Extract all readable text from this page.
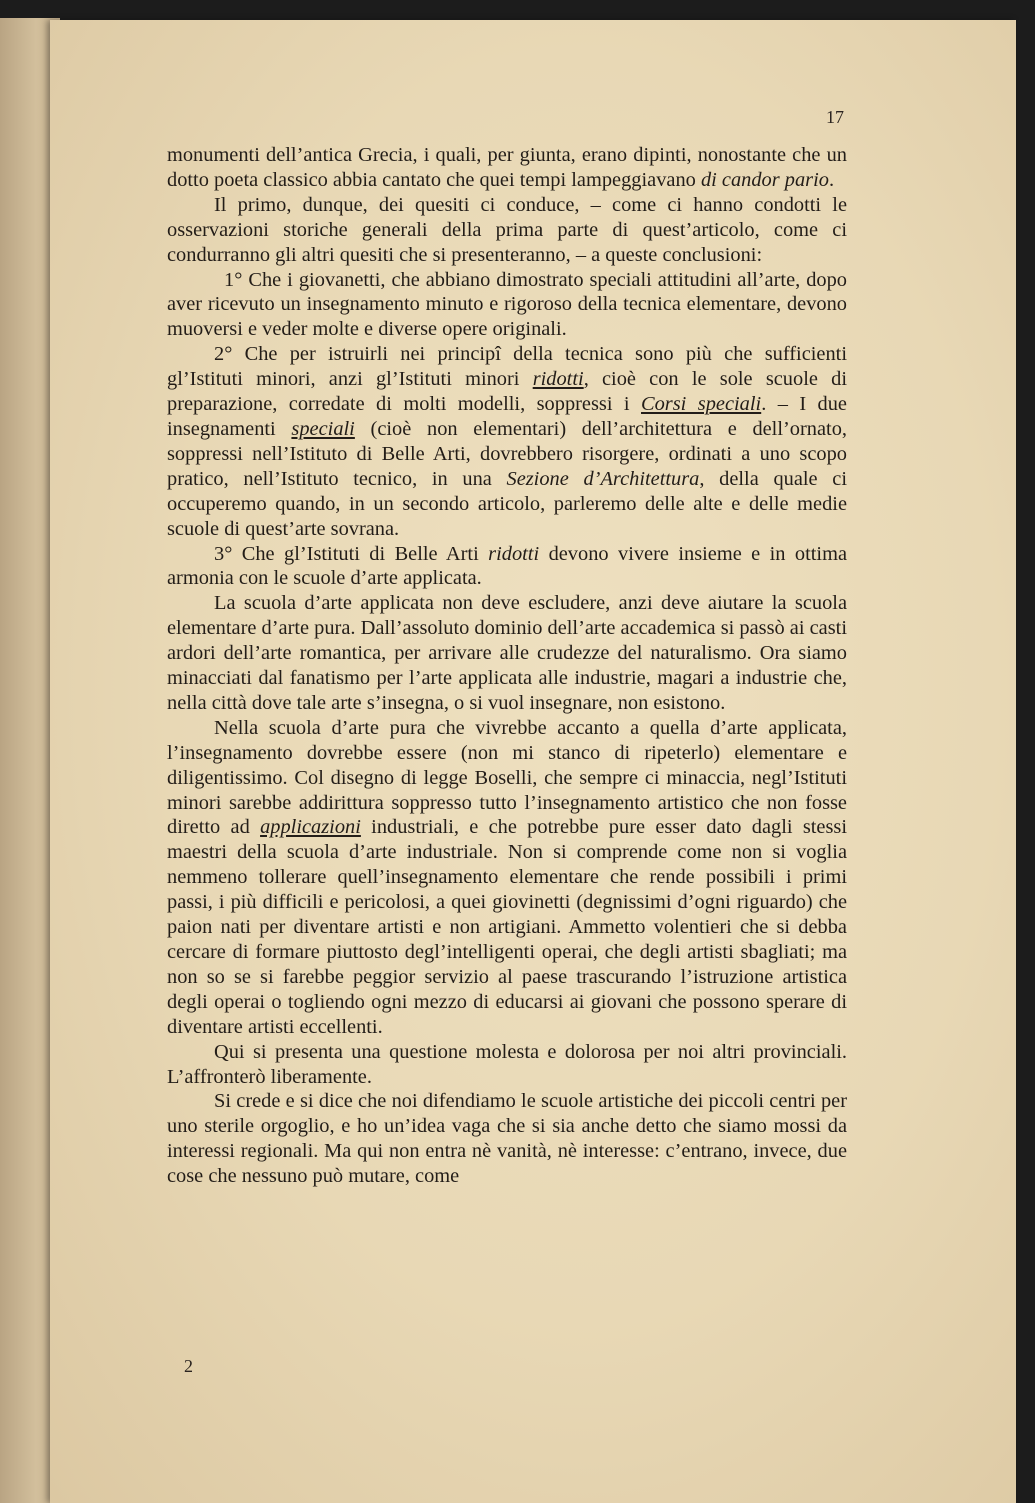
17

monumenti dell’antica Grecia, i quali, per giunta, erano dipinti, nonostante che un dotto poeta classico abbia cantato che quei tempi lampeggiavano di candor pario.

Il primo, dunque, dei quesiti ci conduce, – come ci hanno condotti le osservazioni storiche generali della prima parte di quest’articolo, come ci condurranno gli altri quesiti che si presenteranno, – a queste conclusioni:

1° Che i giovanetti, che abbiano dimostrato speciali attitudini all’arte, dopo aver ricevuto un insegnamento minuto e rigoroso della tecnica elementare, devono muoversi e veder molte e diverse opere originali.

2° Che per istruirli nei principî della tecnica sono più che sufficienti gl’Istituti minori, anzi gl’Istituti minori ridotti, cioè con le sole scuole di preparazione, corredate di molti modelli, soppressi i Corsi speciali. – I due insegnamenti speciali (cioè non elementari) dell’architettura e dell’ornato, soppressi nell’Istituto di Belle Arti, dovrebbero risorgere, ordinati a uno scopo pratico, nell’Istituto tecnico, in una Sezione d’Architettura, della quale ci occuperemo quando, in un secondo articolo, parleremo delle alte e delle medie scuole di quest’arte sovrana.

3° Che gl’Istituti di Belle Arti ridotti devono vivere insieme e in ottima armonia con le scuole d’arte applicata.

La scuola d’arte applicata non deve escludere, anzi deve aiutare la scuola elementare d’arte pura. Dall’assoluto dominio dell’arte accademica si passò ai casti ardori dell’arte romantica, per arrivare alle crudezze del naturalismo. Ora siamo minacciati dal fanatismo per l’arte applicata alle industrie, magari a industrie che, nella città dove tale arte s’insegna, o si vuol insegnare, non esistono.

Nella scuola d’arte pura che vivrebbe accanto a quella d’arte applicata, l’insegnamento dovrebbe essere (non mi stanco di ripeterlo) elementare e diligentissimo. Col disegno di legge Boselli, che sempre ci minaccia, negl’Istituti minori sarebbe addirittura soppresso tutto l’insegnamento artistico che non fosse diretto ad applicazioni industriali, e che potrebbe pure esser dato dagli stessi maestri della scuola d’arte industriale. Non si comprende come non si voglia nemmeno tollerare quell’insegnamento elementare che rende possibili i primi passi, i più difficili e pericolosi, a quei giovinetti (degnissimi d’ogni riguardo) che paion nati per diventare artisti e non artigiani. Ammetto volentieri che si debba cercare di formare piuttosto degl’intelligenti operai, che degli artisti sbagliati; ma non so se si farebbe peggior servizio al paese trascurando l’istruzione artistica degli operai o togliendo ogni mezzo di educarsi ai giovani che possono sperare di diventare artisti eccellenti.

Qui si presenta una questione molesta e dolorosa per noi altri provinciali. L’affronterò liberamente.

Si crede e si dice che noi difendiamo le scuole artistiche dei piccoli centri per uno sterile orgoglio, e ho un’idea vaga che si sia anche detto che siamo mossi da interessi regionali. Ma qui non entra nè vanità, nè interesse: c’entrano, invece, due cose che nessuno può mutare, come

2
